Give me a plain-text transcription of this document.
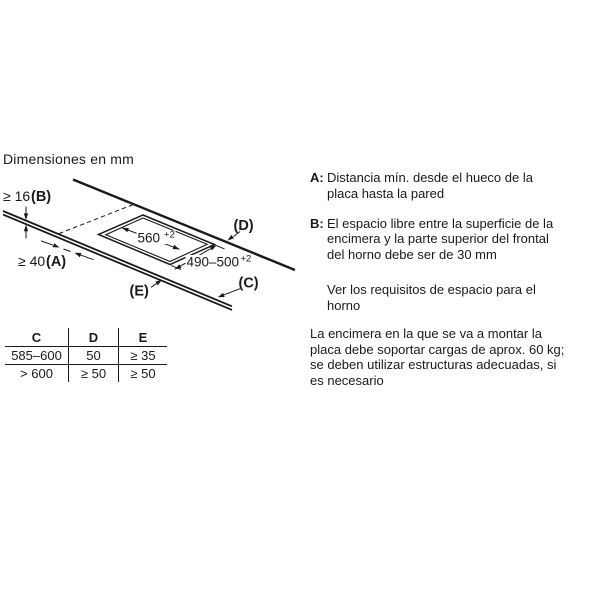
Dimensiones en mm
560 +2
490–500 +2
≥ 16 (B)
≥ 40 (A)
(D)
(C)
(E)
C	D	E
585–600	50	≥ 35
> 600	≥ 50	≥ 50
A: Distancia mín. desde el hueco de la
placa hasta la pared
B: El espacio libre entre la superficie de la
encimera y la parte superior del frontal
del horno debe ser de 30 mm
Ver los requisitos de espacio para el
horno
La encimera en la que se va a montar la
placa debe soportar cargas de aprox. 60 kg;
se deben utilizar estructuras adecuadas, si
es necesario
